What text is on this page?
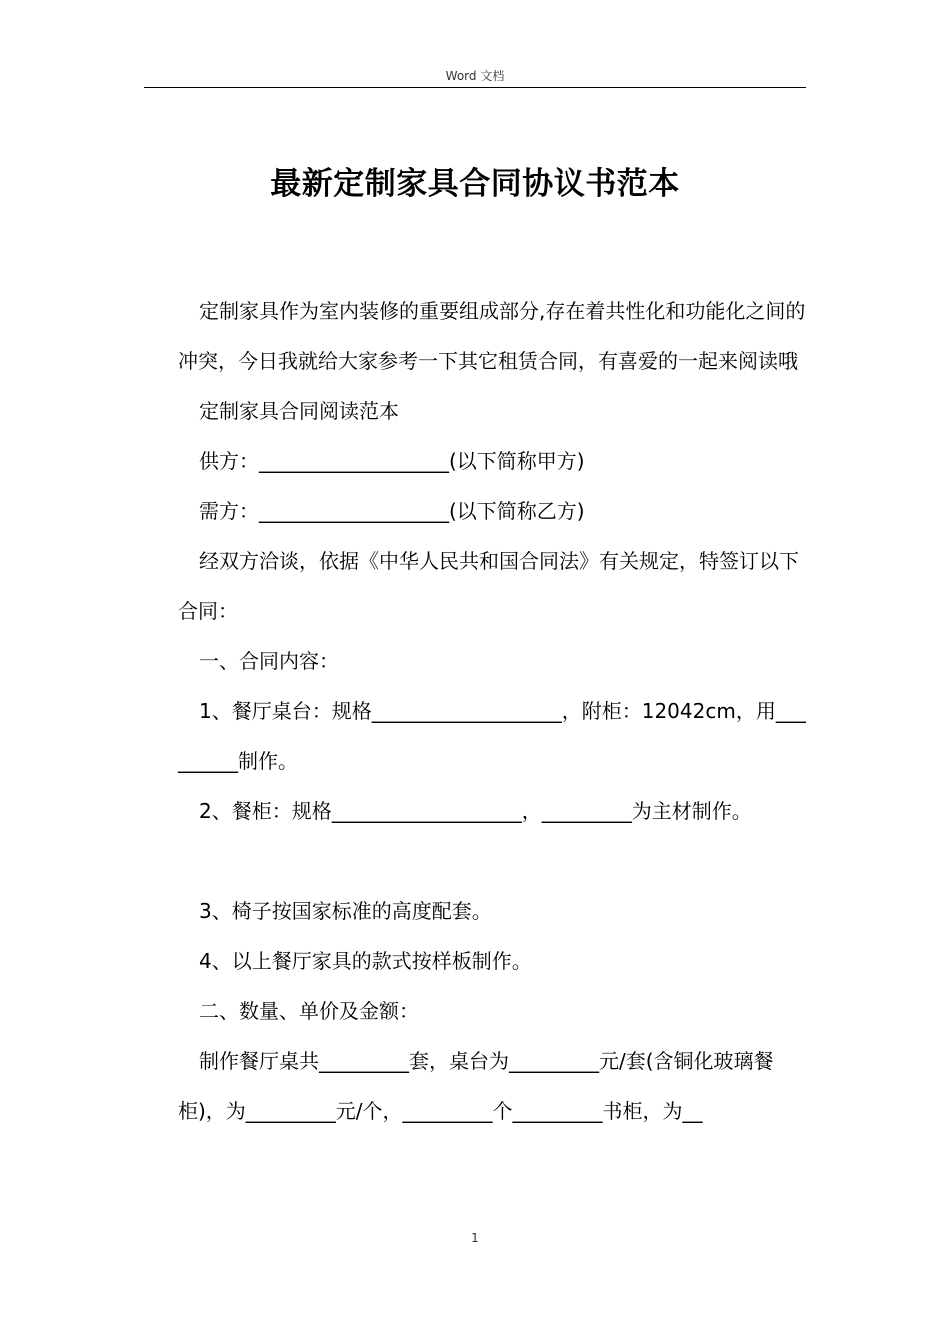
Word 文档
最新定制家具合同协议书范本

定制家具作为室内装修的重要组成部分,存在着共性化和功能化之间的冲突，今日我就给大家参考一下其它租赁合同，有喜爱的一起来阅读哦

定制家具合同阅读范本

供方：___________________(以下简称甲方)

需方：___________________(以下简称乙方)

经双方洽谈，依据《中华人民共和国合同法》有关规定，特签订以下合同：

一、合同内容：

1、餐厅桌台：规格___________________，附柜：12042cm，用_________制作。

2、餐柜：规格___________________，_________为主材制作。

3、椅子按国家标准的高度配套。

4、以上餐厅家具的款式按样板制作。

二、数量、单价及金额：

制作餐厅桌共_________套，桌台为_________元/套(含铜化玻璃餐柜)，为_________元/个，_________个_________书柜，为__

1
